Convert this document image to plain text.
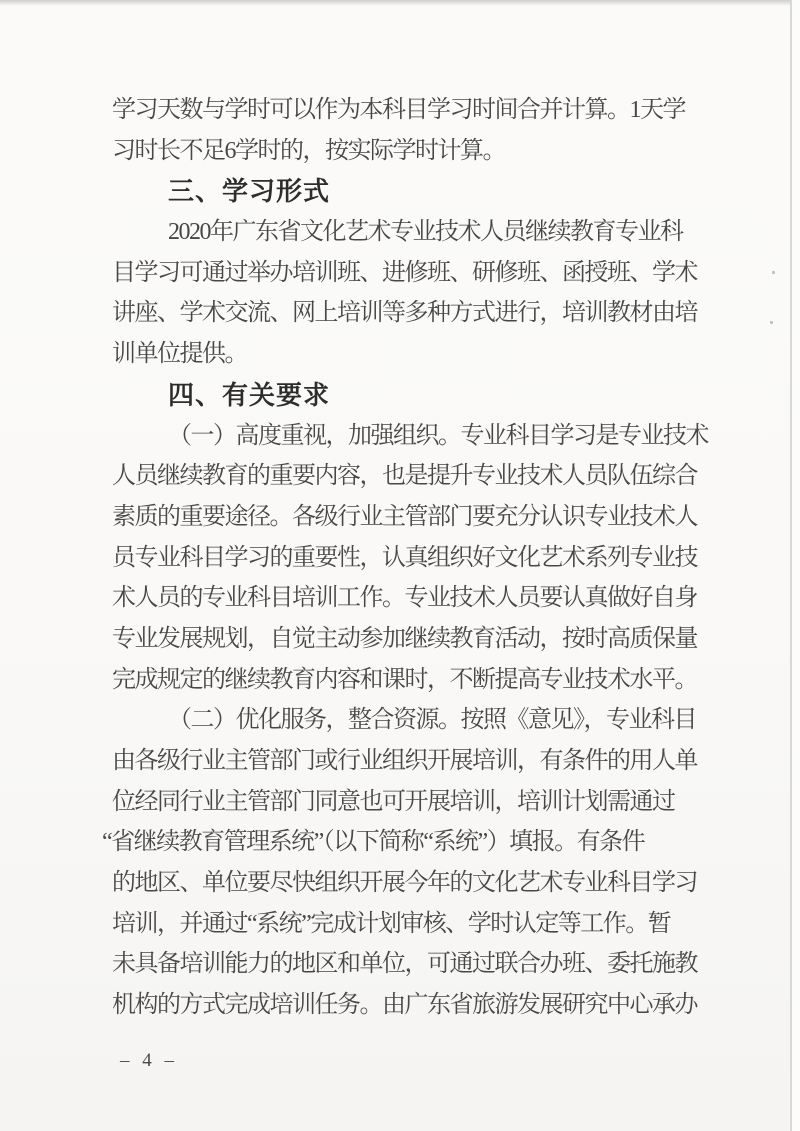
学习天数与学时可以作为本科目学习时间合并计算。1天学
习时长不足6学时的，按实际学时计算。
三、学习形式
2020年广东省文化艺术专业技术人员继续教育专业科
目学习可通过举办培训班、进修班、研修班、函授班、学术
讲座、学术交流、网上培训等多种方式进行，培训教材由培
训单位提供。
四、有关要求
（一）高度重视，加强组织。专业科目学习是专业技术
人员继续教育的重要内容，也是提升专业技术人员队伍综合
素质的重要途径。各级行业主管部门要充分认识专业技术人
员专业科目学习的重要性，认真组织好文化艺术系列专业技
术人员的专业科目培训工作。专业技术人员要认真做好自身
专业发展规划，自觉主动参加继续教育活动，按时高质保量
完成规定的继续教育内容和课时，不断提高专业技术水平。
（二）优化服务，整合资源。按照《意见》，专业科目
由各级行业主管部门或行业组织开展培训，有条件的用人单
位经同行业主管部门同意也可开展培训，培训计划需通过
“省继续教育管理系统”（以下简称“系统”）填报。有条件
的地区、单位要尽快组织开展今年的文化艺术专业科目学习
培训，并通过“系统”完成计划审核、学时认定等工作。暂
未具备培训能力的地区和单位，可通过联合办班、委托施教
机构的方式完成培训任务。由广东省旅游发展研究中心承办
– 4 –
